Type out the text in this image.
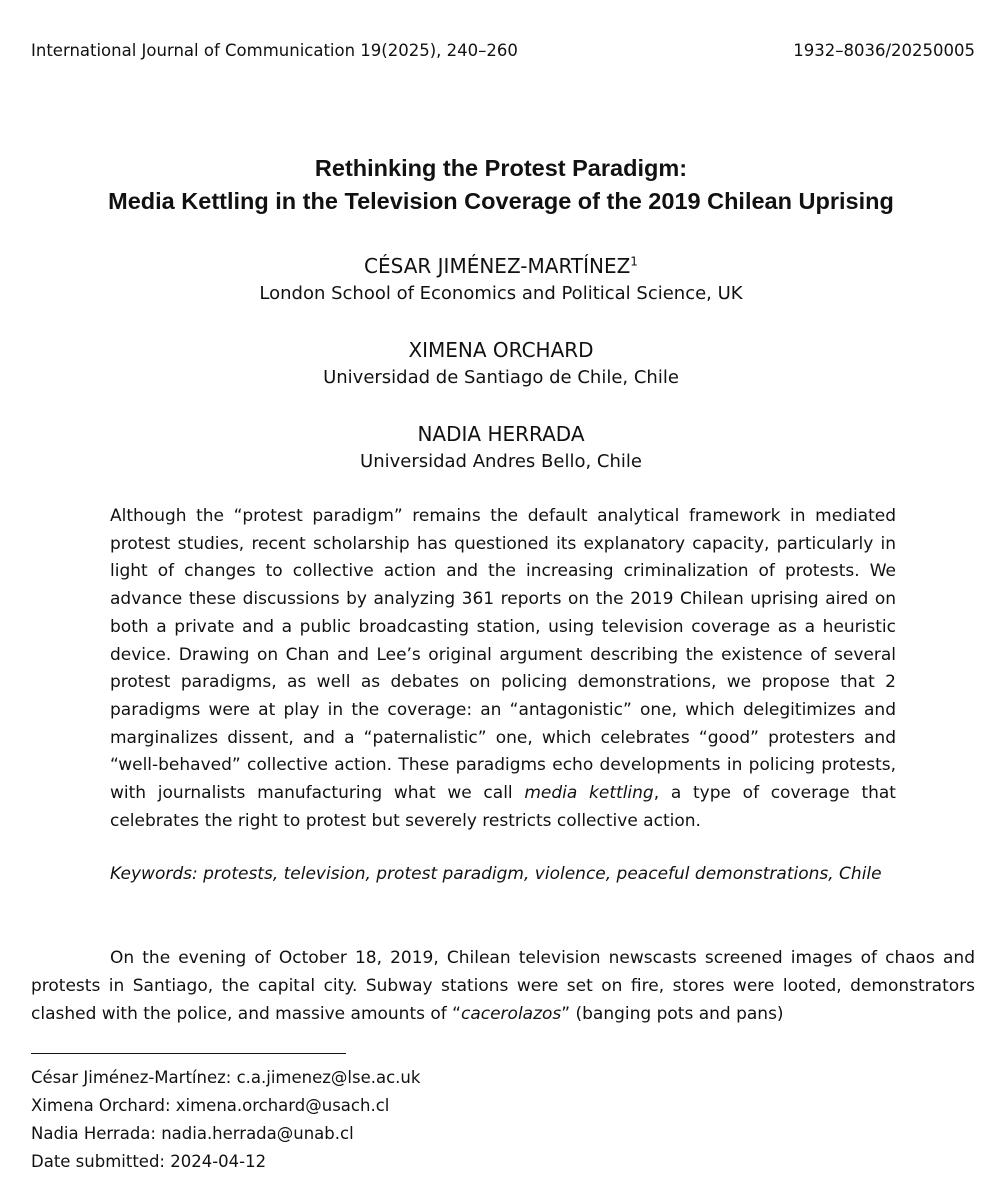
International Journal of Communication 19(2025), 240–260	1932–8036/20250005
Rethinking the Protest Paradigm:
Media Kettling in the Television Coverage of the 2019 Chilean Uprising
CÉSAR JIMÉNEZ-MARTÍNEZ$^1$
London School of Economics and Political Science, UK
XIMENA ORCHARD
Universidad de Santiago de Chile, Chile
NADIA HERRADA
Universidad Andres Bello, Chile

Although the “protest paradigm” remains the default analytical framework in mediated protest studies, recent scholarship has questioned its explanatory capacity, particularly in light of changes to collective action and the increasing criminalization of protests. We advance these discussions by analyzing 361 reports on the 2019 Chilean uprising aired on both a private and a public broadcasting station, using television coverage as a heuristic device. Drawing on Chan and Lee’s original argument describing the existence of several protest paradigms, as well as debates on policing demonstrations, we propose that 2 paradigms were at play in the coverage: an “antagonistic” one, which delegitimizes and marginalizes dissent, and a “paternalistic” one, which celebrates “good” protesters and “well-behaved” collective action. These paradigms echo developments in policing protests, with journalists manufacturing what we call media kettling, a type of coverage that celebrates the right to protest but severely restricts collective action.

Keywords: protests, television, protest paradigm, violence, peaceful demonstrations, Chile

On the evening of October 18, 2019, Chilean television newscasts screened images of chaos and protests in Santiago, the capital city. Subway stations were set on fire, stores were looted, demonstrators clashed with the police, and massive amounts of “cacerolazos” (banging pots and pans)

César Jiménez-Martínez: c.a.jimenez@lse.ac.uk
Ximena Orchard: ximena.orchard@usach.cl
Nadia Herrada: nadia.herrada@unab.cl
Date submitted: 2024-04-12
